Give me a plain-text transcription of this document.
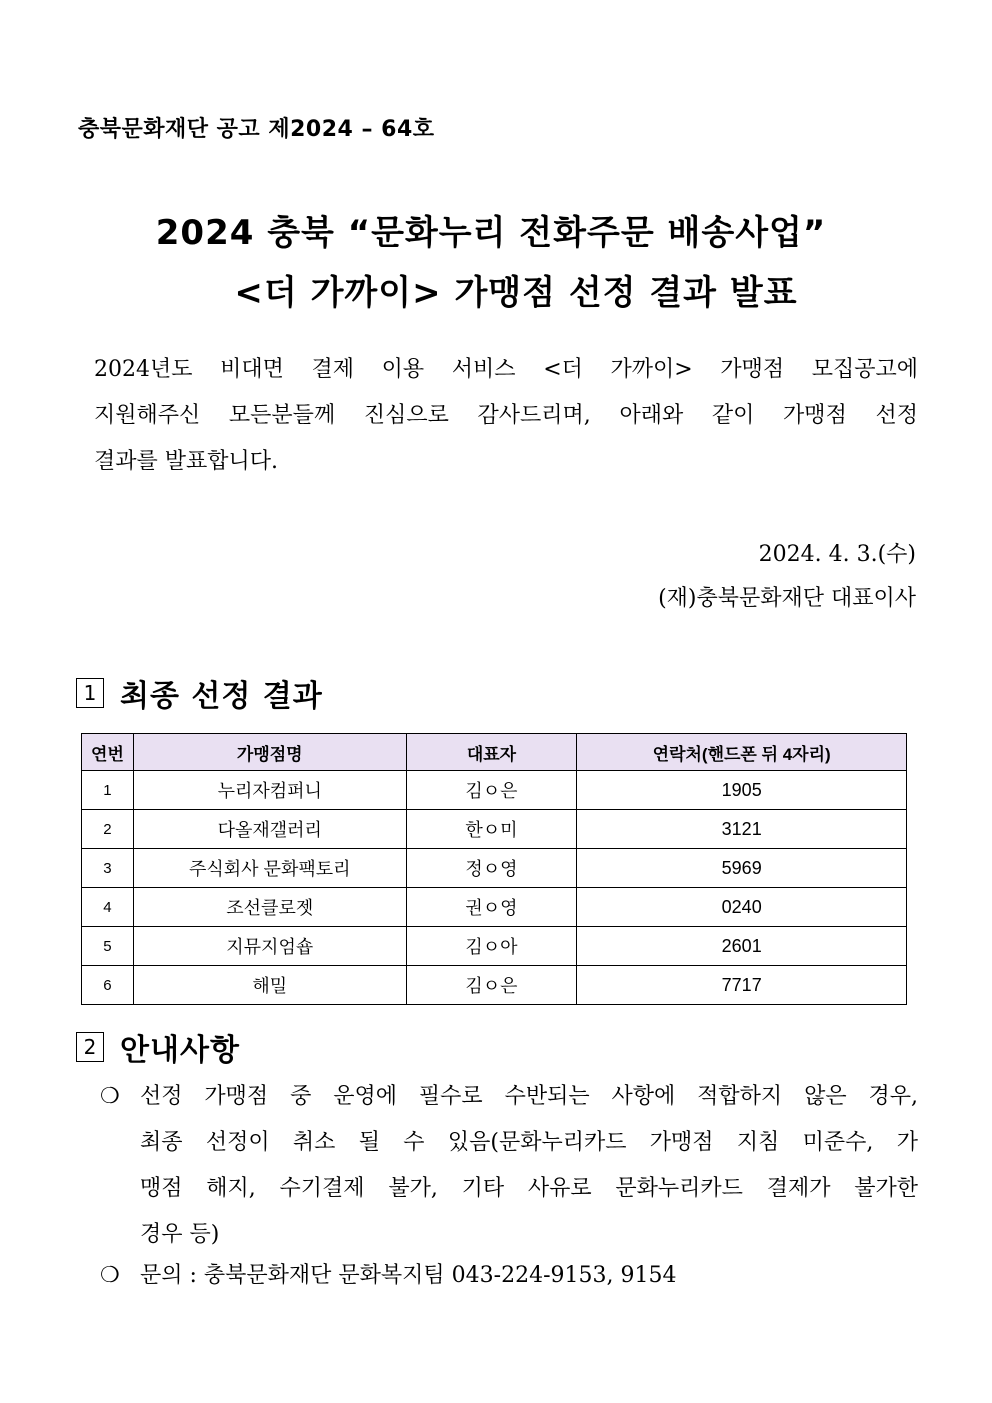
충북문화재단 공고 제2024 – 64호
2024 충북 “문화누리 전화주문 배송사업”
<더 가까이> 가맹점 선정 결과 발표
2024년도 비대면 결제 이용 서비스 <더 가까이> 가맹점 모집공고에
지원해주신 모든분들께 진심으로 감사드리며, 아래와 같이 가맹점 선정
결과를 발표합니다.
2024. 4. 3.(수)
(재)충북문화재단 대표이사
1 최종 선정 결과
연번	가맹점명	대표자	연락처(핸드폰 뒤 4자리)
1	누리자컴퍼니	김ㅇ은	1905
2	다올재갤러리	한ㅇ미	3121
3	주식회사 문화팩토리	정ㅇ영	5969
4	조선클로젯	권ㅇ영	0240
5	지뮤지엄숍	김ㅇ아	2601
6	해밀	김ㅇ은	7717
2 안내사항
❍ 선정 가맹점 중 운영에 필수로 수반되는 사항에 적합하지 않은 경우,
최종 선정이 취소 될 수 있음(문화누리카드 가맹점 지침 미준수, 가
맹점 해지, 수기결제 불가, 기타 사유로 문화누리카드 결제가 불가한
경우 등)
❍ 문의 : 충북문화재단 문화복지팀 043-224-9153, 9154
